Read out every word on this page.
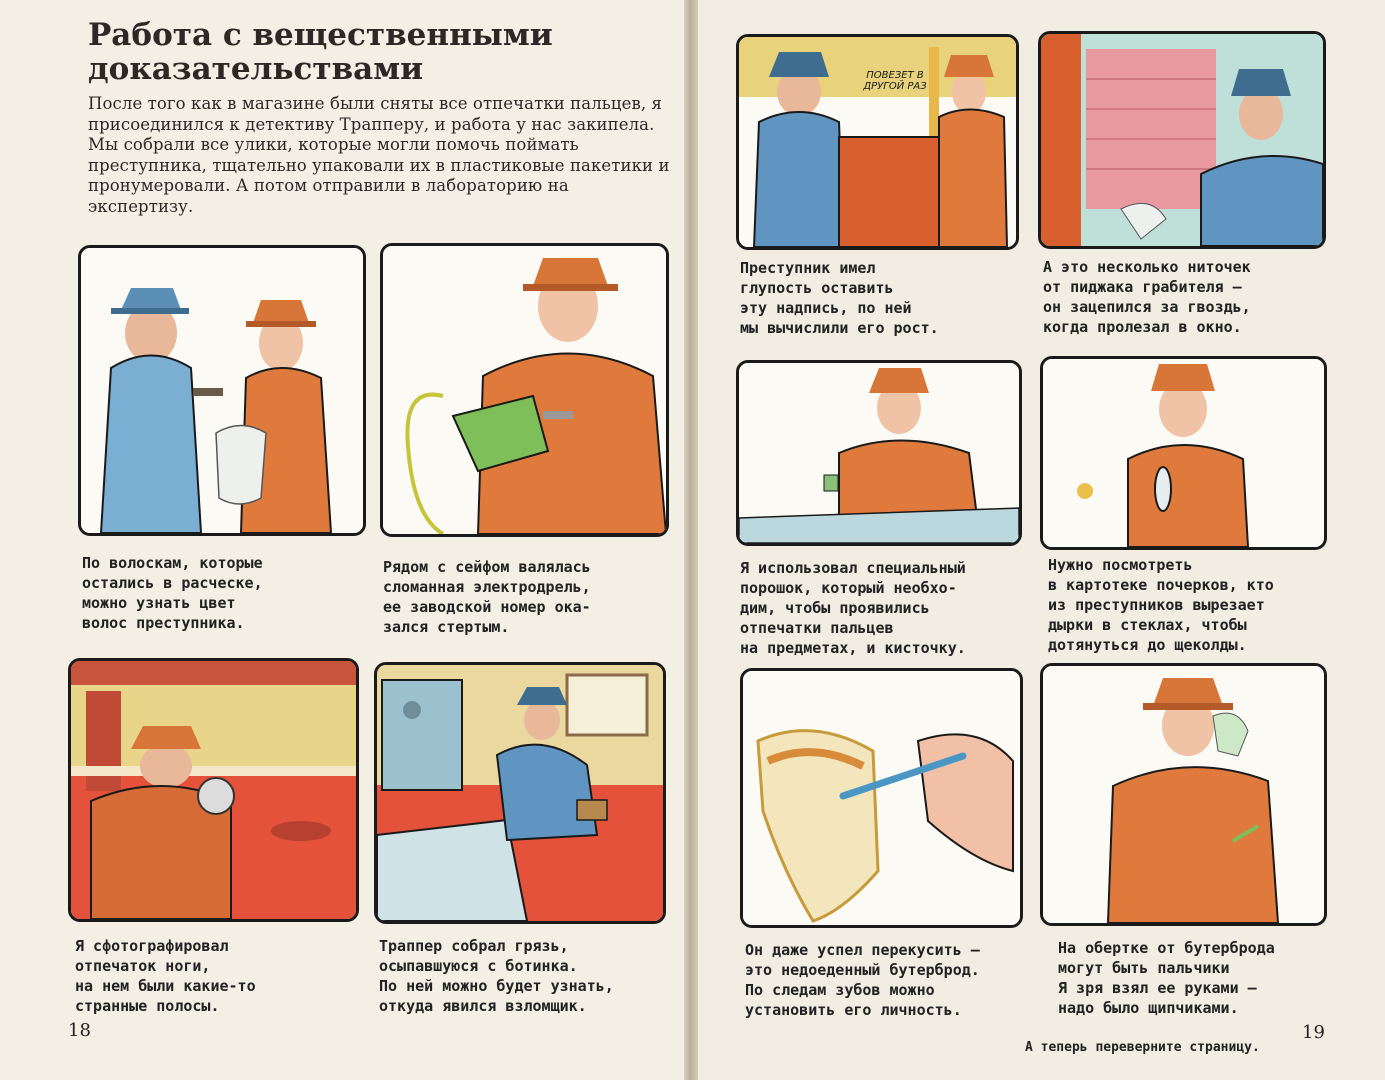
Работа с вещественными доказательствами

После того как в магазине были сняты все отпечатки пальцев, я присоединился к детективу Трапперу, и работа у нас закипела. Мы собрали все улики, которые могли помочь поймать преступника, тщательно упаковали их в пластиковые пакетики и пронумеровали. А потом отправили в лабораторию на экспертизу.

По волоскам, которые
остались в расческе,
можно узнать цвет
волос преступника.

Рядом с сейфом валялась
сломанная электродрель,
ее заводской номер ока-
зался стертым.

Я сфотографировал
отпечаток ноги,
на нем были какие-то
странные полосы.

Траппер собрал грязь,
осыпавшуюся с ботинка.
По ней можно будет узнать,
откуда явился взломщик.

18
ПОВЕЗЕТ В ДРУГОЙ РАЗ

Преступник имел
глупость оставить
эту надпись, по ней
мы вычислили его рост.

А это несколько ниточек
от пиджака грабителя —
он зацепился за гвоздь,
когда пролезал в окно.

Я использовал специальный
порошок, который необхо-
дим, чтобы проявились
отпечатки пальцев
на предметах, и кисточку.

Нужно посмотреть
в картотеке почерков, кто
из преступников вырезает
дырки в стеклах, чтобы
дотянуться до щеколды.

Он даже успел перекусить —
это недоеденный бутерброд.
По следам зубов можно
установить его личность.

На обертке от бутерброда
могут быть пальчики
Я зря взял ее руками —
надо было щипчиками.

А теперь переверните страницу.
19
